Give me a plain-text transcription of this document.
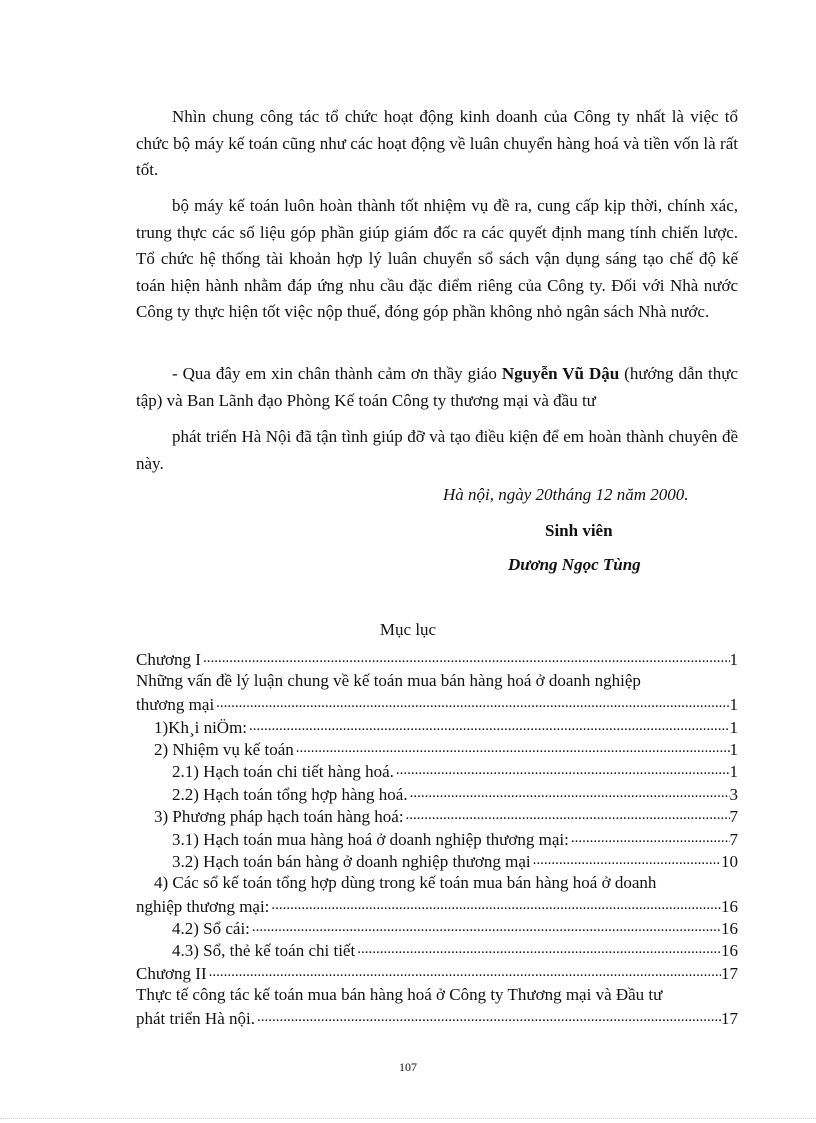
Nhìn chung công tác tổ chức hoạt động kinh doanh của Công ty nhất là việc tổ chức bộ máy kế toán cũng như các hoạt động về luân chuyển hàng hoá và tiền vốn là rất tốt.

bộ máy kế toán luôn hoàn thành tốt nhiệm vụ đề ra, cung cấp kịp thời, chính xác, trung thực các số liệu góp phần giúp giám đốc ra các quyết định mang tính chiến lược. Tổ chức hệ thống tài khoản hợp lý luân chuyển sổ sách vận dụng sáng tạo chế độ kế toán hiện hành nhằm đáp ứng nhu cầu đặc điểm riêng của Công ty. Đối với Nhà nước Công ty thực hiện tốt việc nộp thuế, đóng góp phần không nhỏ ngân sách Nhà nước.

- Qua đây em xin chân thành cảm ơn thầy giáo Nguyễn Vũ Dậu (hướng dẫn thực tập) và Ban Lãnh đạo Phòng Kế toán Công ty thương mại và đầu tư

phát triển Hà Nội đã tận tình giúp đỡ và tạo điều kiện để em hoàn thành chuyên đề này.

Hà nội, ngày 20tháng 12 năm 2000.
Sinh viên
Dương Ngọc Tùng
Mục lục
Chương I .....	1
Những vấn đề lý luận chung về kế toán mua bán hàng hoá ở doanh nghiệp
thương mại .....	1
1)Kh¸i niÖm: .....	1
2) Nhiệm vụ kế toán .....	1
2.1) Hạch toán chi tiết hàng hoá. .....	1
2.2) Hạch toán tổng hợp hàng hoá. .....	3
3) Phương pháp hạch toán hàng hoá: .....	7
3.1) Hạch toán mua hàng hoá ở doanh nghiệp thương mại: .....	7
3.2) Hạch toán bán hàng ở doanh nghiệp thương mại .....	10
4) Các sổ kế toán tổng hợp dùng trong kế toán mua bán hàng hoá ở doanh
nghiệp thương mại: .....	16
4.2) Sổ cái: .....	16
4.3) Sổ, thẻ kế toán chi tiết .....	16
Chương II .....	17
Thực tế công tác kế toán mua bán hàng hoá ở Công ty Thương mại và Đầu tư
phát triển Hà nội. .....	17
107
